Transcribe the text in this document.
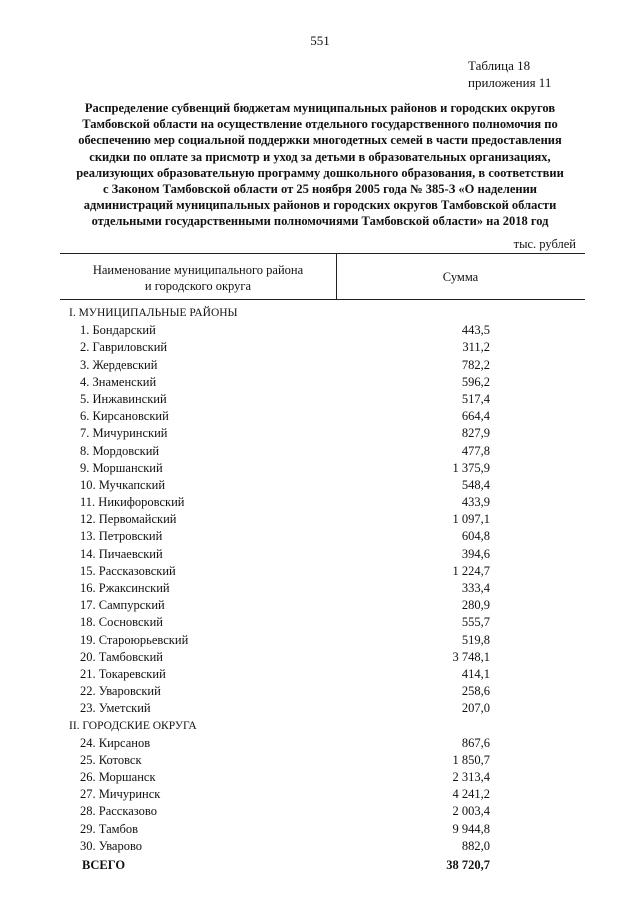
551
Таблица 18
приложения 11
Распределение субвенций бюджетам муниципальных районов и городских округов
Тамбовской области на осуществление отдельного государственного полномочия по
обеспечению мер социальной поддержки многодетных семей в части предоставления
скидки по оплате за присмотр и уход за детьми в образовательных организациях,
реализующих образовательную программу дошкольного образования, в соответствии
с Законом Тамбовской области от 25 ноября 2005 года № 385-З «О наделении
администраций муниципальных районов и городских округов Тамбовской области
отдельными государственными полномочиями Тамбовской области» на 2018 год
тыс. рублей
Наименование муниципального района
и городского округа
Сумма
I. МУНИЦИПАЛЬНЫЕ РАЙОНЫ
1. Бондарский	443,5
2. Гавриловский	311,2
3. Жердевский	782,2
4. Знаменский	596,2
5. Инжавинский	517,4
6. Кирсановский	664,4
7. Мичуринский	827,9
8. Мордовский	477,8
9. Моршанский	1 375,9
10. Мучкапский	548,4
11. Никифоровский	433,9
12. Первомайский	1 097,1
13. Петровский	604,8
14. Пичаевский	394,6
15. Рассказовский	1 224,7
16. Ржаксинский	333,4
17. Сампурский	280,9
18. Сосновский	555,7
19. Староюрьевский	519,8
20. Тамбовский	3 748,1
21. Токаревский	414,1
22. Уваровский	258,6
23. Уметский	207,0
II. ГОРОДСКИЕ ОКРУГА
24. Кирсанов	867,6
25. Котовск	1 850,7
26. Моршанск	2 313,4
27. Мичуринск	4 241,2
28. Рассказово	2 003,4
29. Тамбов	9 944,8
30. Уварово	882,0
ВСЕГО	38 720,7
